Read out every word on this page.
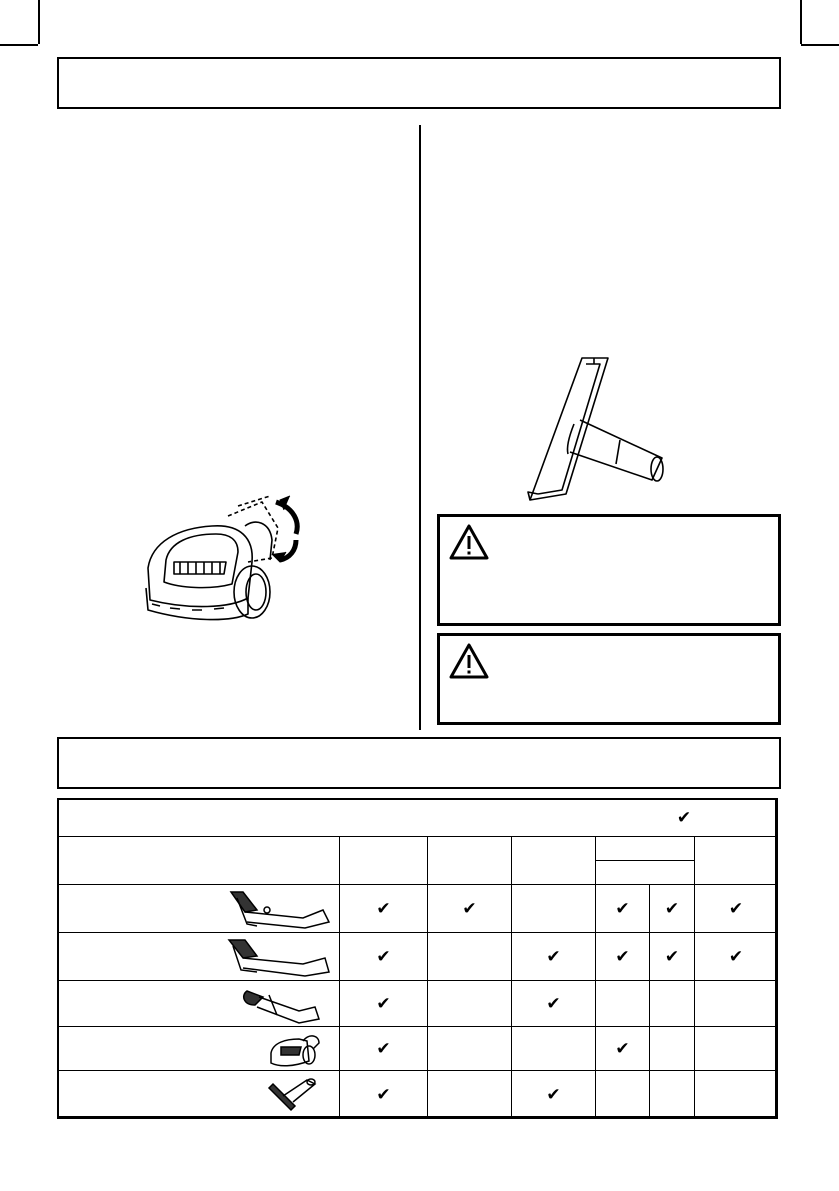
✔						

	✔	✔		✔	✔	✔
	✔		✔	✔	✔	✔
	✔		✔			
	✔			✔		
	✔		✔			
